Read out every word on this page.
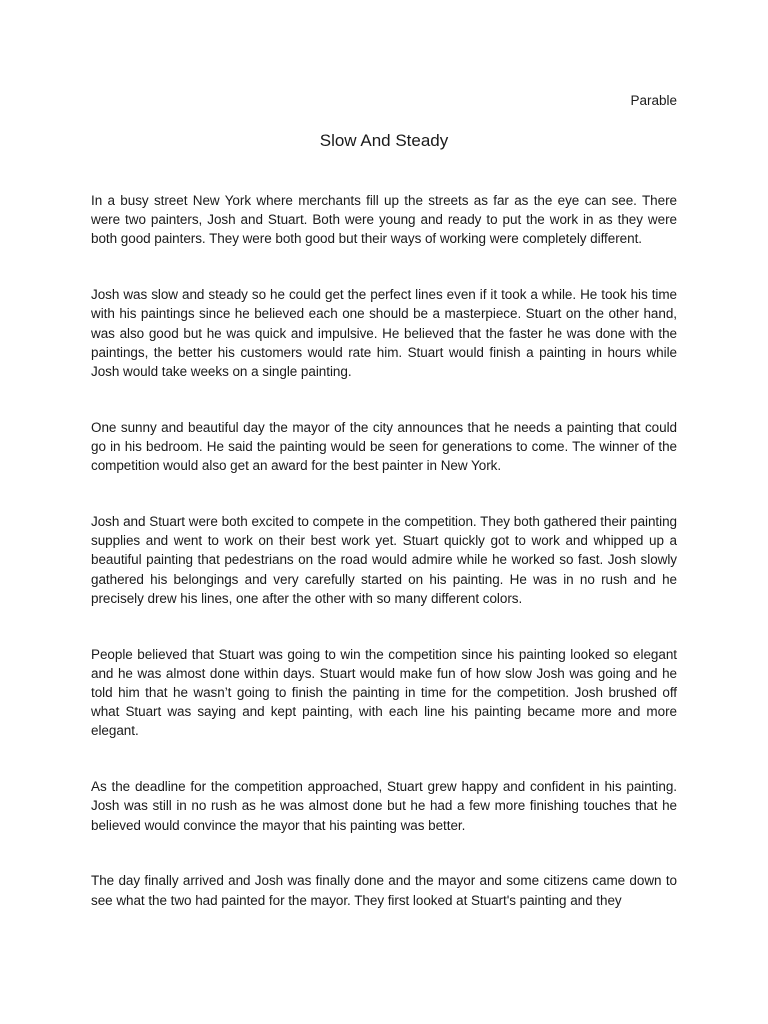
Parable
Slow And Steady

In a busy street New York where merchants fill up the streets as far as the eye can see. There were two painters, Josh and Stuart. Both were young and ready to put the work in as they were both good painters. They were both good but their ways of working were completely different.

Josh was slow and steady so he could get the perfect lines even if it took a while. He took his time with his paintings since he believed each one should be a masterpiece. Stuart on the other hand, was also good but he was quick and impulsive. He believed that the faster he was done with the paintings, the better his customers would rate him. Stuart would finish a painting in hours while Josh would take weeks on a single painting.

One sunny and beautiful day the mayor of the city announces that he needs a painting that could go in his bedroom. He said the painting would be seen for generations to come. The winner of the competition would also get an award for the best painter in New York.

Josh and Stuart were both excited to compete in the competition. They both gathered their painting supplies and went to work on their best work yet. Stuart quickly got to work and whipped up a beautiful painting that pedestrians on the road would admire while he worked so fast. Josh slowly gathered his belongings and very carefully started on his painting. He was in no rush and he precisely drew his lines, one after the other with so many different colors.

People believed that Stuart was going to win the competition since his painting looked so elegant and he was almost done within days. Stuart would make fun of how slow Josh was going and he told him that he wasn’t going to finish the painting in time for the competition. Josh brushed off what Stuart was saying and kept painting, with each line his painting became more and more elegant.

As the deadline for the competition approached, Stuart grew happy and confident in his painting. Josh was still in no rush as he was almost done but he had a few more finishing touches that he believed would convince the mayor that his painting was better.

The day finally arrived and Josh was finally done and the mayor and some citizens came down to see what the two had painted for the mayor. They first looked at Stuart's painting and they
